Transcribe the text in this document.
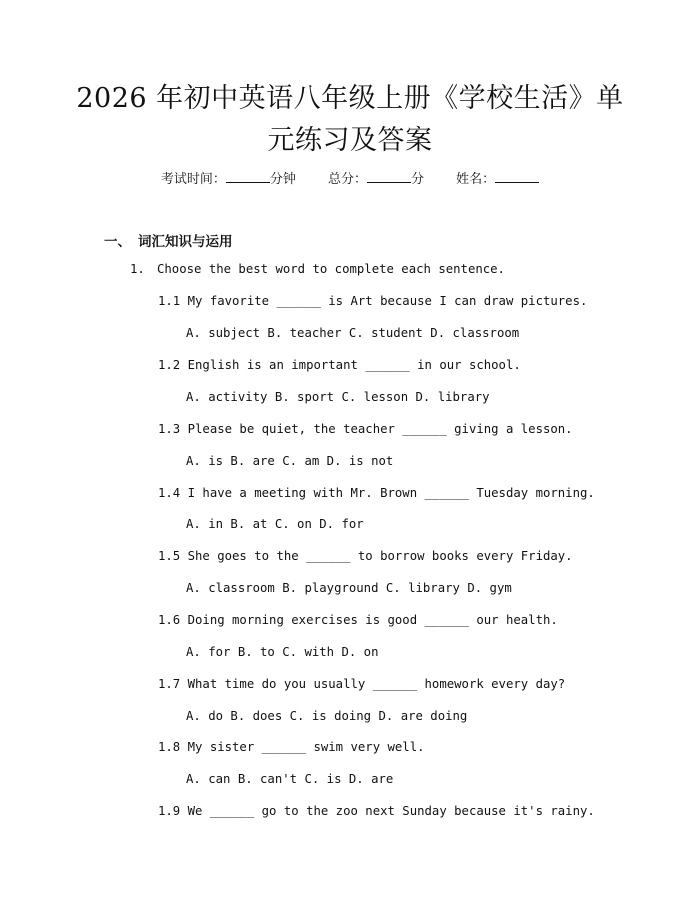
2026 年初中英语八年级上册《学校生活》单
元练习及答案
考试时间：	分钟 总分：	分 姓名：
一、 词汇知识与运用
1. Choose the best word to complete each sentence.
1.1 My favorite ______ is Art because I can draw pictures.
A. subject B. teacher C. student D. classroom
1.2 English is an important ______ in our school.
A. activity B. sport C. lesson D. library
1.3 Please be quiet, the teacher ______ giving a lesson.
A. is B. are C. am D. is not
1.4 I have a meeting with Mr. Brown ______ Tuesday morning.
A. in B. at C. on D. for
1.5 She goes to the ______ to borrow books every Friday.
A. classroom B. playground C. library D. gym
1.6 Doing morning exercises is good ______ our health.
A. for B. to C. with D. on
1.7 What time do you usually ______ homework every day?
A. do B. does C. is doing D. are doing
1.8 My sister ______ swim very well.
A. can B. can't C. is D. are
1.9 We ______ go to the zoo next Sunday because it's rainy.
